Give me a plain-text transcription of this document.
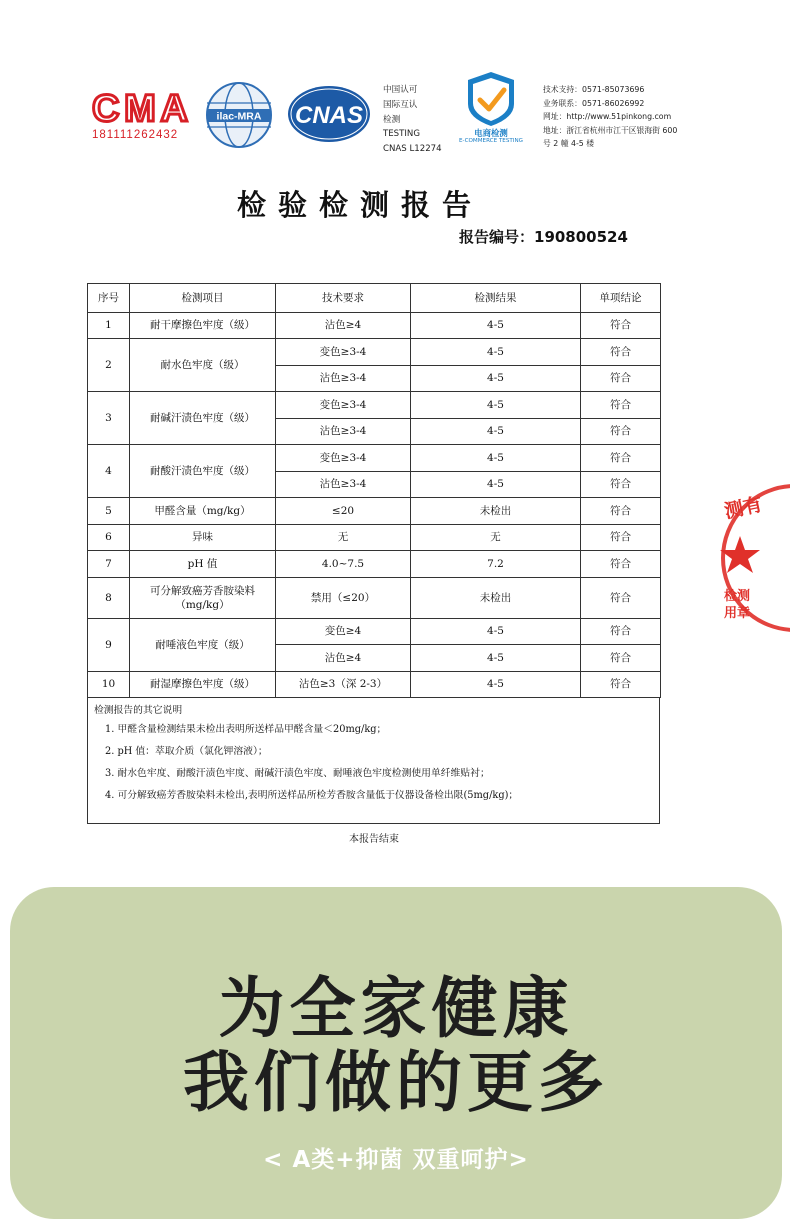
CMA
181111262432
ilac-MRA CNAS
中国认可
国际互认
检测
TESTING
CNAS L12274
电商检测
E-COMMERCE TESTING
技术支持：0571-85073696
业务联系：0571-86026992
网址：http://www.51pinkong.com
地址：浙江省杭州市江干区银海街 600
号 2 幢 4-5 楼
检验检测报告
报告编号：190800524
序号	检测项目	技术要求	检测结果	单项结论
1	耐干摩擦色牢度（级）	沾色≥4	4-5	符合
2	耐水色牢度（级）	变色≥3-4	4-5	符合
		沾色≥3-4	4-5	符合
3	耐碱汗渍色牢度（级）	变色≥3-4	4-5	符合
		沾色≥3-4	4-5	符合
4	耐酸汗渍色牢度（级）	变色≥3-4	4-5	符合
		沾色≥3-4	4-5	符合
5	甲醛含量（mg/kg）	≤20	未检出	符合
6	异味	无	无	符合
7	pH 值	4.0~7.5	7.2	符合
8	可分解致癌芳香胺染料
（mg/kg）	禁用（≤20）	未检出	符合
9	耐唾液色牢度（级）	变色≥4	4-5	符合
		沾色≥4	4-5	符合
10	耐湿摩擦色牢度（级）	沾色≥3（深 2-3）	4-5	符合
检测报告的其它说明
1. 甲醛含量检测结果未检出表明所送样品甲醛含量＜20mg/kg；
2. pH 值：萃取介质（氯化钾溶液）；
3. 耐水色牢度、耐酸汗渍色牢度、耐碱汗渍色牢度、耐唾液色牢度检测使用单纤维贴衬；
4. 可分解致癌芳香胺染料未检出,表明所送样品所检芳香胺含量低于仪器设备检出限(5mg/kg)；
本报告结束
测有
检测
用章
为全家健康
我们做的更多
< A类+抑菌 双重呵护>
